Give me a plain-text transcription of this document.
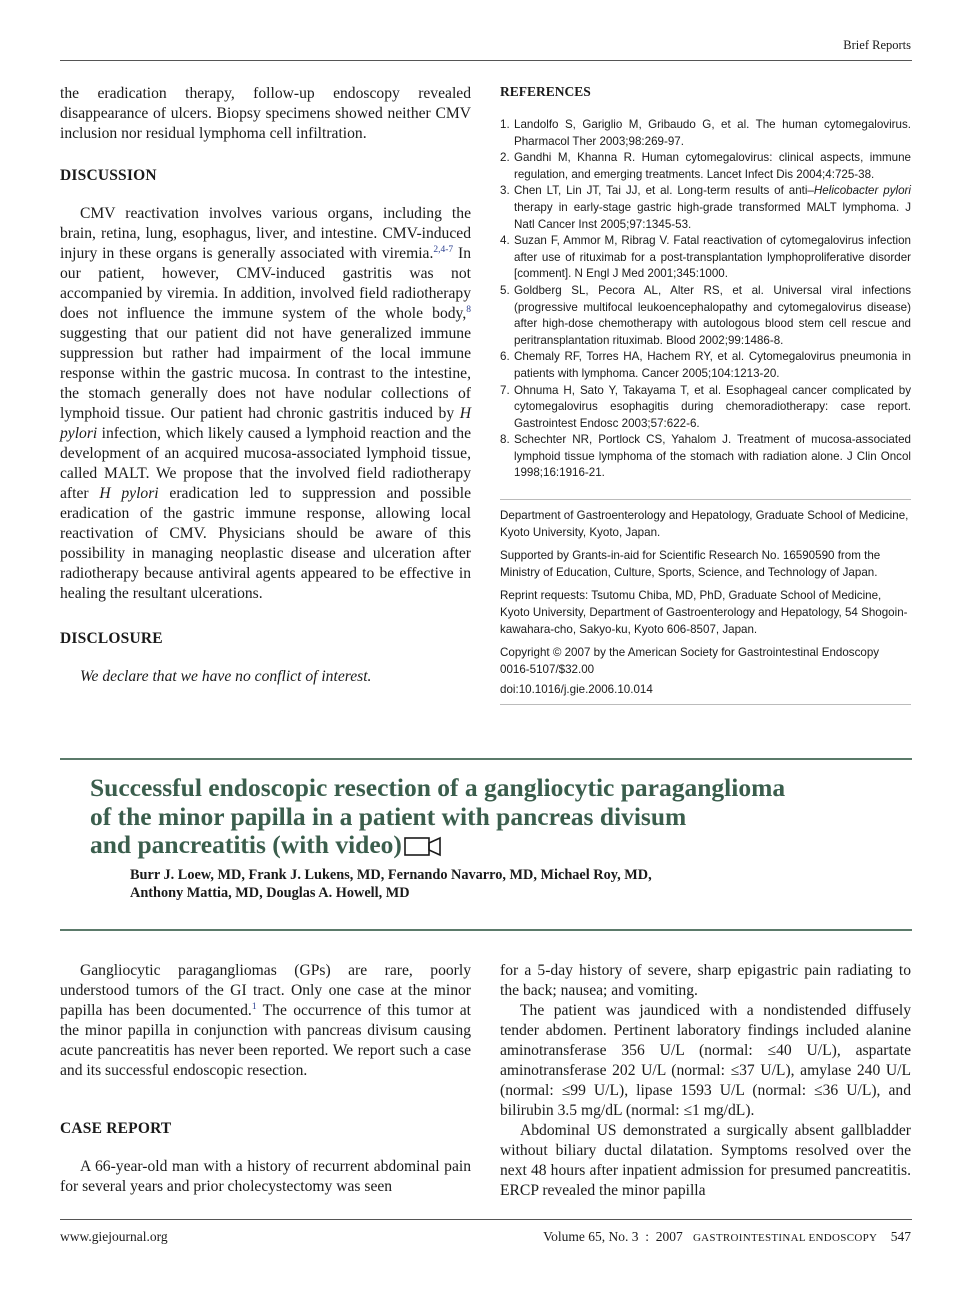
Brief Reports

the eradication therapy, follow-up endoscopy revealed disappearance of ulcers. Biopsy specimens showed neither CMV inclusion nor residual lymphoma cell infiltration.

DISCUSSION

CMV reactivation involves various organs, including the brain, retina, lung, esophagus, liver, and intestine. CMV-induced injury in these organs is generally associated with viremia.$^{2,4-7}$ In our patient, however, CMV-induced gastritis was not accompanied by viremia. In addition, involved field radiotherapy does not influence the immune system of the whole body,$^8$ suggesting that our patient did not have generalized immune suppression but rather had impairment of the local immune response within the gastric mucosa. In contrast to the intestine, the stomach generally does not have nodular collections of lymphoid tissue. Our patient had chronic gastritis induced by H pylori infection, which likely caused a lymphoid reaction and the development of an acquired mucosa-associated lymphoid tissue, called MALT. We propose that the involved field radiotherapy after H pylori eradication led to suppression and possible eradication of the gastric immune response, allowing local reactivation of CMV. Physicians should be aware of this possibility in managing neoplastic disease and ulceration after radiotherapy because antiviral agents appeared to be effective in healing the resultant ulcerations.

DISCLOSURE

We declare that we have no conflict of interest.

REFERENCES
1. Landolfo S, Gariglio M, Gribaudo G, et al. The human cytomegalovirus. Pharmacol Ther 2003;98:269-97.
2. Gandhi M, Khanna R. Human cytomegalovirus: clinical aspects, immune regulation, and emerging treatments. Lancet Infect Dis 2004;4:725-38.
3. Chen LT, Lin JT, Tai JJ, et al. Long-term results of anti–Helicobacter pylori therapy in early-stage gastric high-grade transformed MALT lymphoma. J Natl Cancer Inst 2005;97:1345-53.
4. Suzan F, Ammor M, Ribrag V. Fatal reactivation of cytomegalovirus infection after use of rituximab for a post-transplantation lymphoproliferative disorder [comment]. N Engl J Med 2001;345:1000.
5. Goldberg SL, Pecora AL, Alter RS, et al. Universal viral infections (progressive multifocal leukoencephalopathy and cytomegalovirus disease) after high-dose chemotherapy with autologous blood stem cell rescue and peritransplantation rituximab. Blood 2002;99:1486-8.
6. Chemaly RF, Torres HA, Hachem RY, et al. Cytomegalovirus pneumonia in patients with lymphoma. Cancer 2005;104:1213-20.
7. Ohnuma H, Sato Y, Takayama T, et al. Esophageal cancer complicated by cytomegalovirus esophagitis during chemoradiotherapy: case report. Gastrointest Endosc 2003;57:622-6.
8. Schechter NR, Portlock CS, Yahalom J. Treatment of mucosa-associated lymphoid tissue lymphoma of the stomach with radiation alone. J Clin Oncol 1998;16:1916-21.

Department of Gastroenterology and Hepatology, Graduate School of Medicine, Kyoto University, Kyoto, Japan.

Supported by Grants-in-aid for Scientific Research No. 16590590 from the Ministry of Education, Culture, Sports, Science, and Technology of Japan.

Reprint requests: Tsutomu Chiba, MD, PhD, Graduate School of Medicine, Kyoto University, Department of Gastroenterology and Hepatology, 54 Shogoin-kawahara-cho, Sakyo-ku, Kyoto 606-8507, Japan.

Copyright © 2007 by the American Society for Gastrointestinal Endoscopy 0016-5107/$32.00

doi:10.1016/j.gie.2006.10.014

Successful endoscopic resection of a gangliocytic paraganglioma
of the minor papilla in a patient with pancreas divisum
and pancreatitis (with video)

Burr J. Loew, MD, Frank J. Lukens, MD, Fernando Navarro, MD, Michael Roy, MD,
Anthony Mattia, MD, Douglas A. Howell, MD

Gangliocytic paragangliomas (GPs) are rare, poorly understood tumors of the GI tract. Only one case at the minor papilla has been documented.$^1$ The occurrence of this tumor at the minor papilla in conjunction with pancreas divisum causing acute pancreatitis has never been reported. We report such a case and its successful endoscopic resection.

CASE REPORT

A 66-year-old man with a history of recurrent abdominal pain for several years and prior cholecystectomy was seen

for a 5-day history of severe, sharp epigastric pain radiating to the back; nausea; and vomiting.

The patient was jaundiced with a nondistended diffusely tender abdomen. Pertinent laboratory findings included alanine aminotransferase 356 U/L (normal: ≤40 U/L), aspartate aminotransferase 202 U/L (normal: ≤37 U/L), amylase 240 U/L (normal: ≤99 U/L), lipase 1593 U/L (normal: ≤36 U/L), and bilirubin 3.5 mg/dL (normal: ≤1 mg/dL).

Abdominal US demonstrated a surgically absent gallbladder without biliary ductal dilatation. Symptoms resolved over the next 48 hours after inpatient admission for presumed pancreatitis. ERCP revealed the minor papilla

www.giejournal.org	Volume 65, No. 3  :  2007 GASTROINTESTINAL ENDOSCOPY 547
